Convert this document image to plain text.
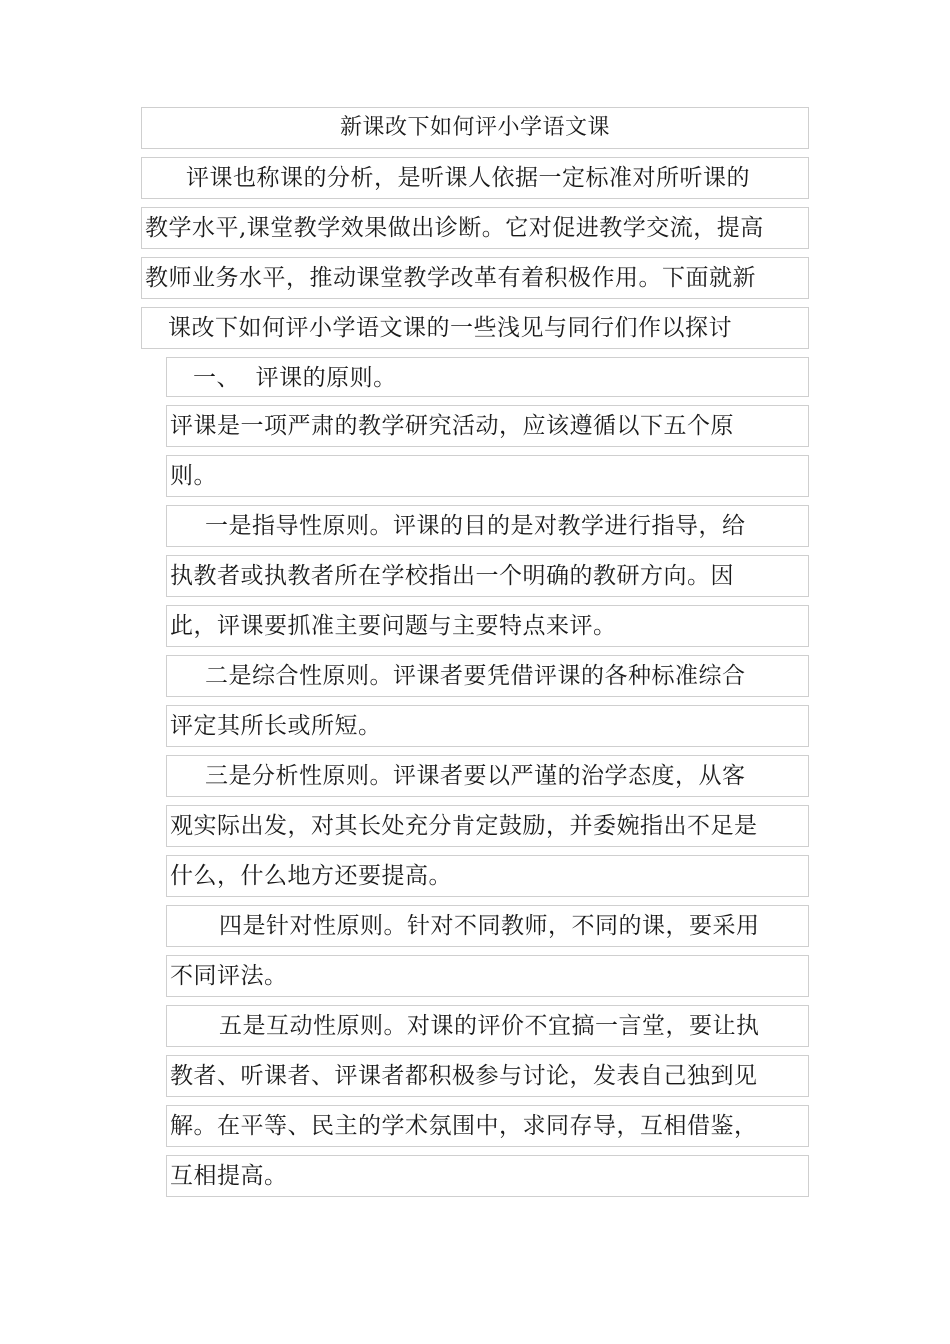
新课改下如何评小学语文课
评课也称课的分析，是听课人依据一定标准对所听课的
教学水平,课堂教学效果做出诊断。它对促进教学交流，提高
教师业务水平，推动课堂教学改革有着积极作用。下面就新
课改下如何评小学语文课的一些浅见与同行们作以探讨
一、  评课的原则。
评课是一项严肃的教学研究活动，应该遵循以下五个原
则。
一是指导性原则。评课的目的是对教学进行指导，给
执教者或执教者所在学校指出一个明确的教研方向。因
此，评课要抓准主要问题与主要特点来评。
二是综合性原则。评课者要凭借评课的各种标准综合
评定其所长或所短。
三是分析性原则。评课者要以严谨的治学态度，从客
观实际出发，对其长处充分肯定鼓励，并委婉指出不足是
什么，什么地方还要提高。
四是针对性原则。针对不同教师，不同的课，要采用
不同评法。
五是互动性原则。对课的评价不宜搞一言堂，要让执
教者、听课者、评课者都积极参与讨论，发表自己独到见
解。在平等、民主的学术氛围中，求同存导，互相借鉴，
互相提高。
